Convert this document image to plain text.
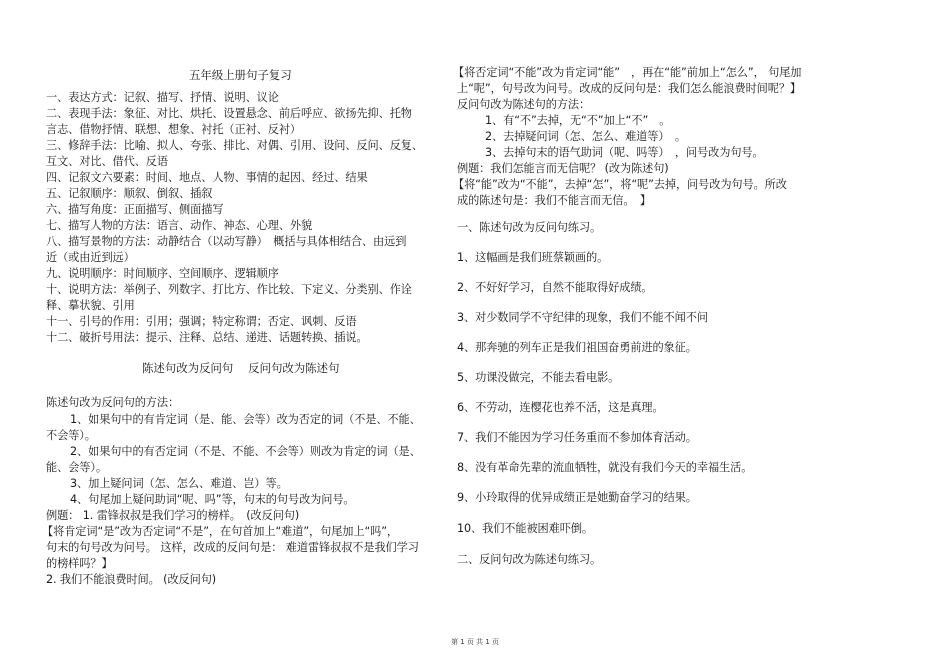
五年级上册句子复习
一、表达方式：记叙、描写、抒情、说明、议论
二、表现手法：象征、对比、烘托、设置悬念、前后呼应、欲扬先抑、托物
言志、借物抒情、联想、想象、衬托（正衬、反衬）
三、修辞手法：比喻、拟人、夸张、排比、对偶、引用、设问、反问、反复、
互文、对比、借代、反语
四、记叙文六要素：时间、地点、人物、事情的起因、经过、结果
五、记叙顺序：顺叙、倒叙、插叙
六、描写角度：正面描写、侧面描写
七、描写人物的方法：语言、动作、神态、心理、外貌
八、描写景物的方法：动静结合（以动写静）　概括与具体相结合、由远到
近（或由近到远）
九、说明顺序：时间顺序、空间顺序、逻辑顺序
十、说明方法：举例子、列数字、打比方、作比较、下定义、分类别、作诠
释、摹状貌、引用
十一、引号的作用：引用；强调；特定称谓；否定、讽刺、反语
十二、破折号用法：提示、注释、总结、递进、话题转换、插说。
陈述句改为反问句　 反问句改为陈述句
陈述句改为反问句的方法：
1、如果句中的有肯定词（是、能、会等）改为否定的词（不是、不能、
不会等）。
2、如果句中的有否定词（不是、不能、不会等）则改为肯定的词（是、
能、会等）。
3、加上疑问词（怎、怎么、难道、岂）等。
4、句尾加上疑问助词“呢、吗”等，句末的句号改为问号。
例题： 1. 雷锋叔叔是我们学习的榜样。　(改反问句)
【将肯定词“是”改为否定词“不是”，在句首加上“难道”，句尾加上“吗”，
句末的句号改为问号。 这样，改成的反问句是： 难道雷锋叔叔不是我们学习
的榜样吗？】
2. 我们不能浪费时间。 (改反问句)
【将否定词“不能”改为肯定词“能”　，再在“能”前加上“怎么”， 句尾加
上“呢”，句号改为问号。改成的反问句是：我们怎么能浪费时间呢？】
反问句改为陈述句的方法：
1、有“不”去掉，无“不”加上“不”　。
2、去掉疑问词（怎、怎么、难道等）　。
3、去掉句末的语气助词（呢、吗等）　，问号改为句号。
例题：我们怎能言而无信呢？ (改为陈述句)
【将“能”改为“不能”，去掉“怎”，将“呢”去掉，问号改为句号。所改
成的陈述句是：我们不能言而无信。　】
一、陈述句改为反问句练习。
1、这幅画是我们班蔡颖画的。
2、不好好学习，自然不能取得好成绩。
3、对少数同学不守纪律的现象，我们不能不闻不问
4、那奔驰的列车正是我们祖国奋勇前进的象征。
5、功课没做完，不能去看电影。
6、不劳动，连樱花也养不活，这是真理。
7、我们不能因为学习任务重而不参加体育活动。
8、没有革命先辈的流血牺牲，就没有我们今天的幸福生活。
9、小玲取得的优异成绩正是她勤奋学习的结果。
10、我们不能被困难吓倒。
二、反问句改为陈述句练习。
第 1 页 共 1 页
